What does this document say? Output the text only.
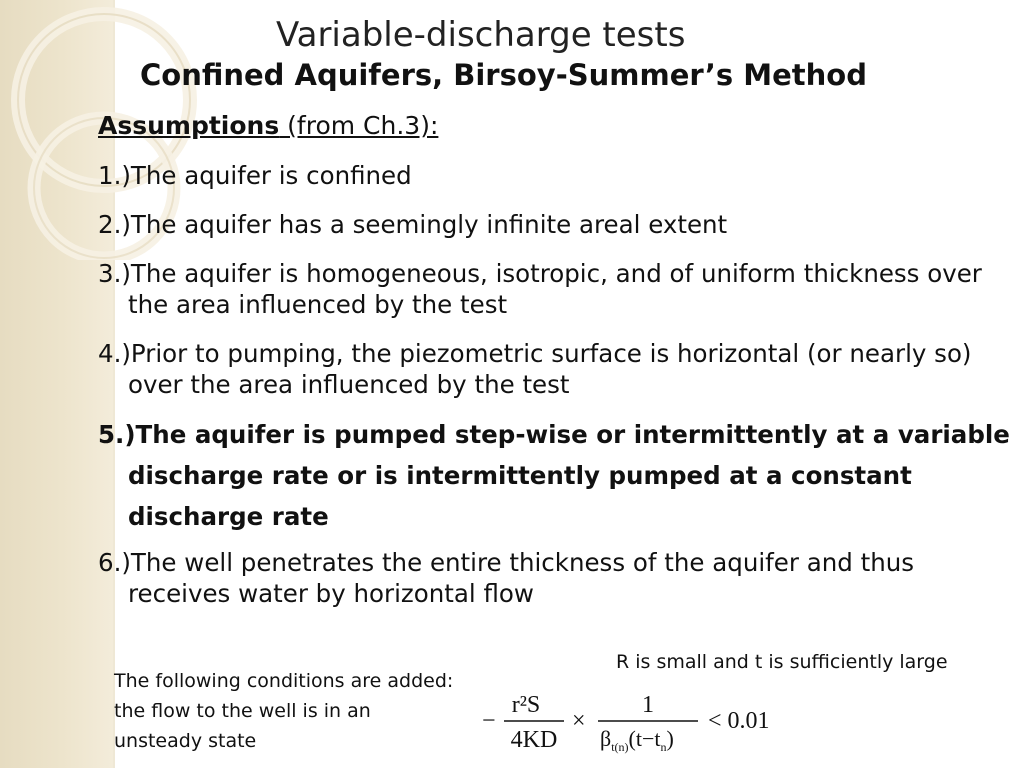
Variable-discharge tests
Confined Aquifers, Birsoy-Summer’s Method
Assumptions (from Ch.3):
1.)The aquifer is confined
2.)The aquifer has a seemingly infinite areal extent
3.)The aquifer is homogeneous, isotropic, and of uniform thickness over the area influenced by the test
4.)Prior to pumping, the piezometric surface is horizontal (or nearly so) over the area influenced by the test
5.)The aquifer is pumped step-wise or intermittently at a variable discharge rate or is intermittently pumped at a constant discharge rate
6.)The well penetrates the entire thickness of the aquifer and thus receives water by horizontal flow
The following conditions are added:
the flow to the well is in an
unsteady state
R is small and t is sufficiently large
−
r²S
4KD
×
1
$\beta_{t(n)}(t-t_n)$
< 0.01
